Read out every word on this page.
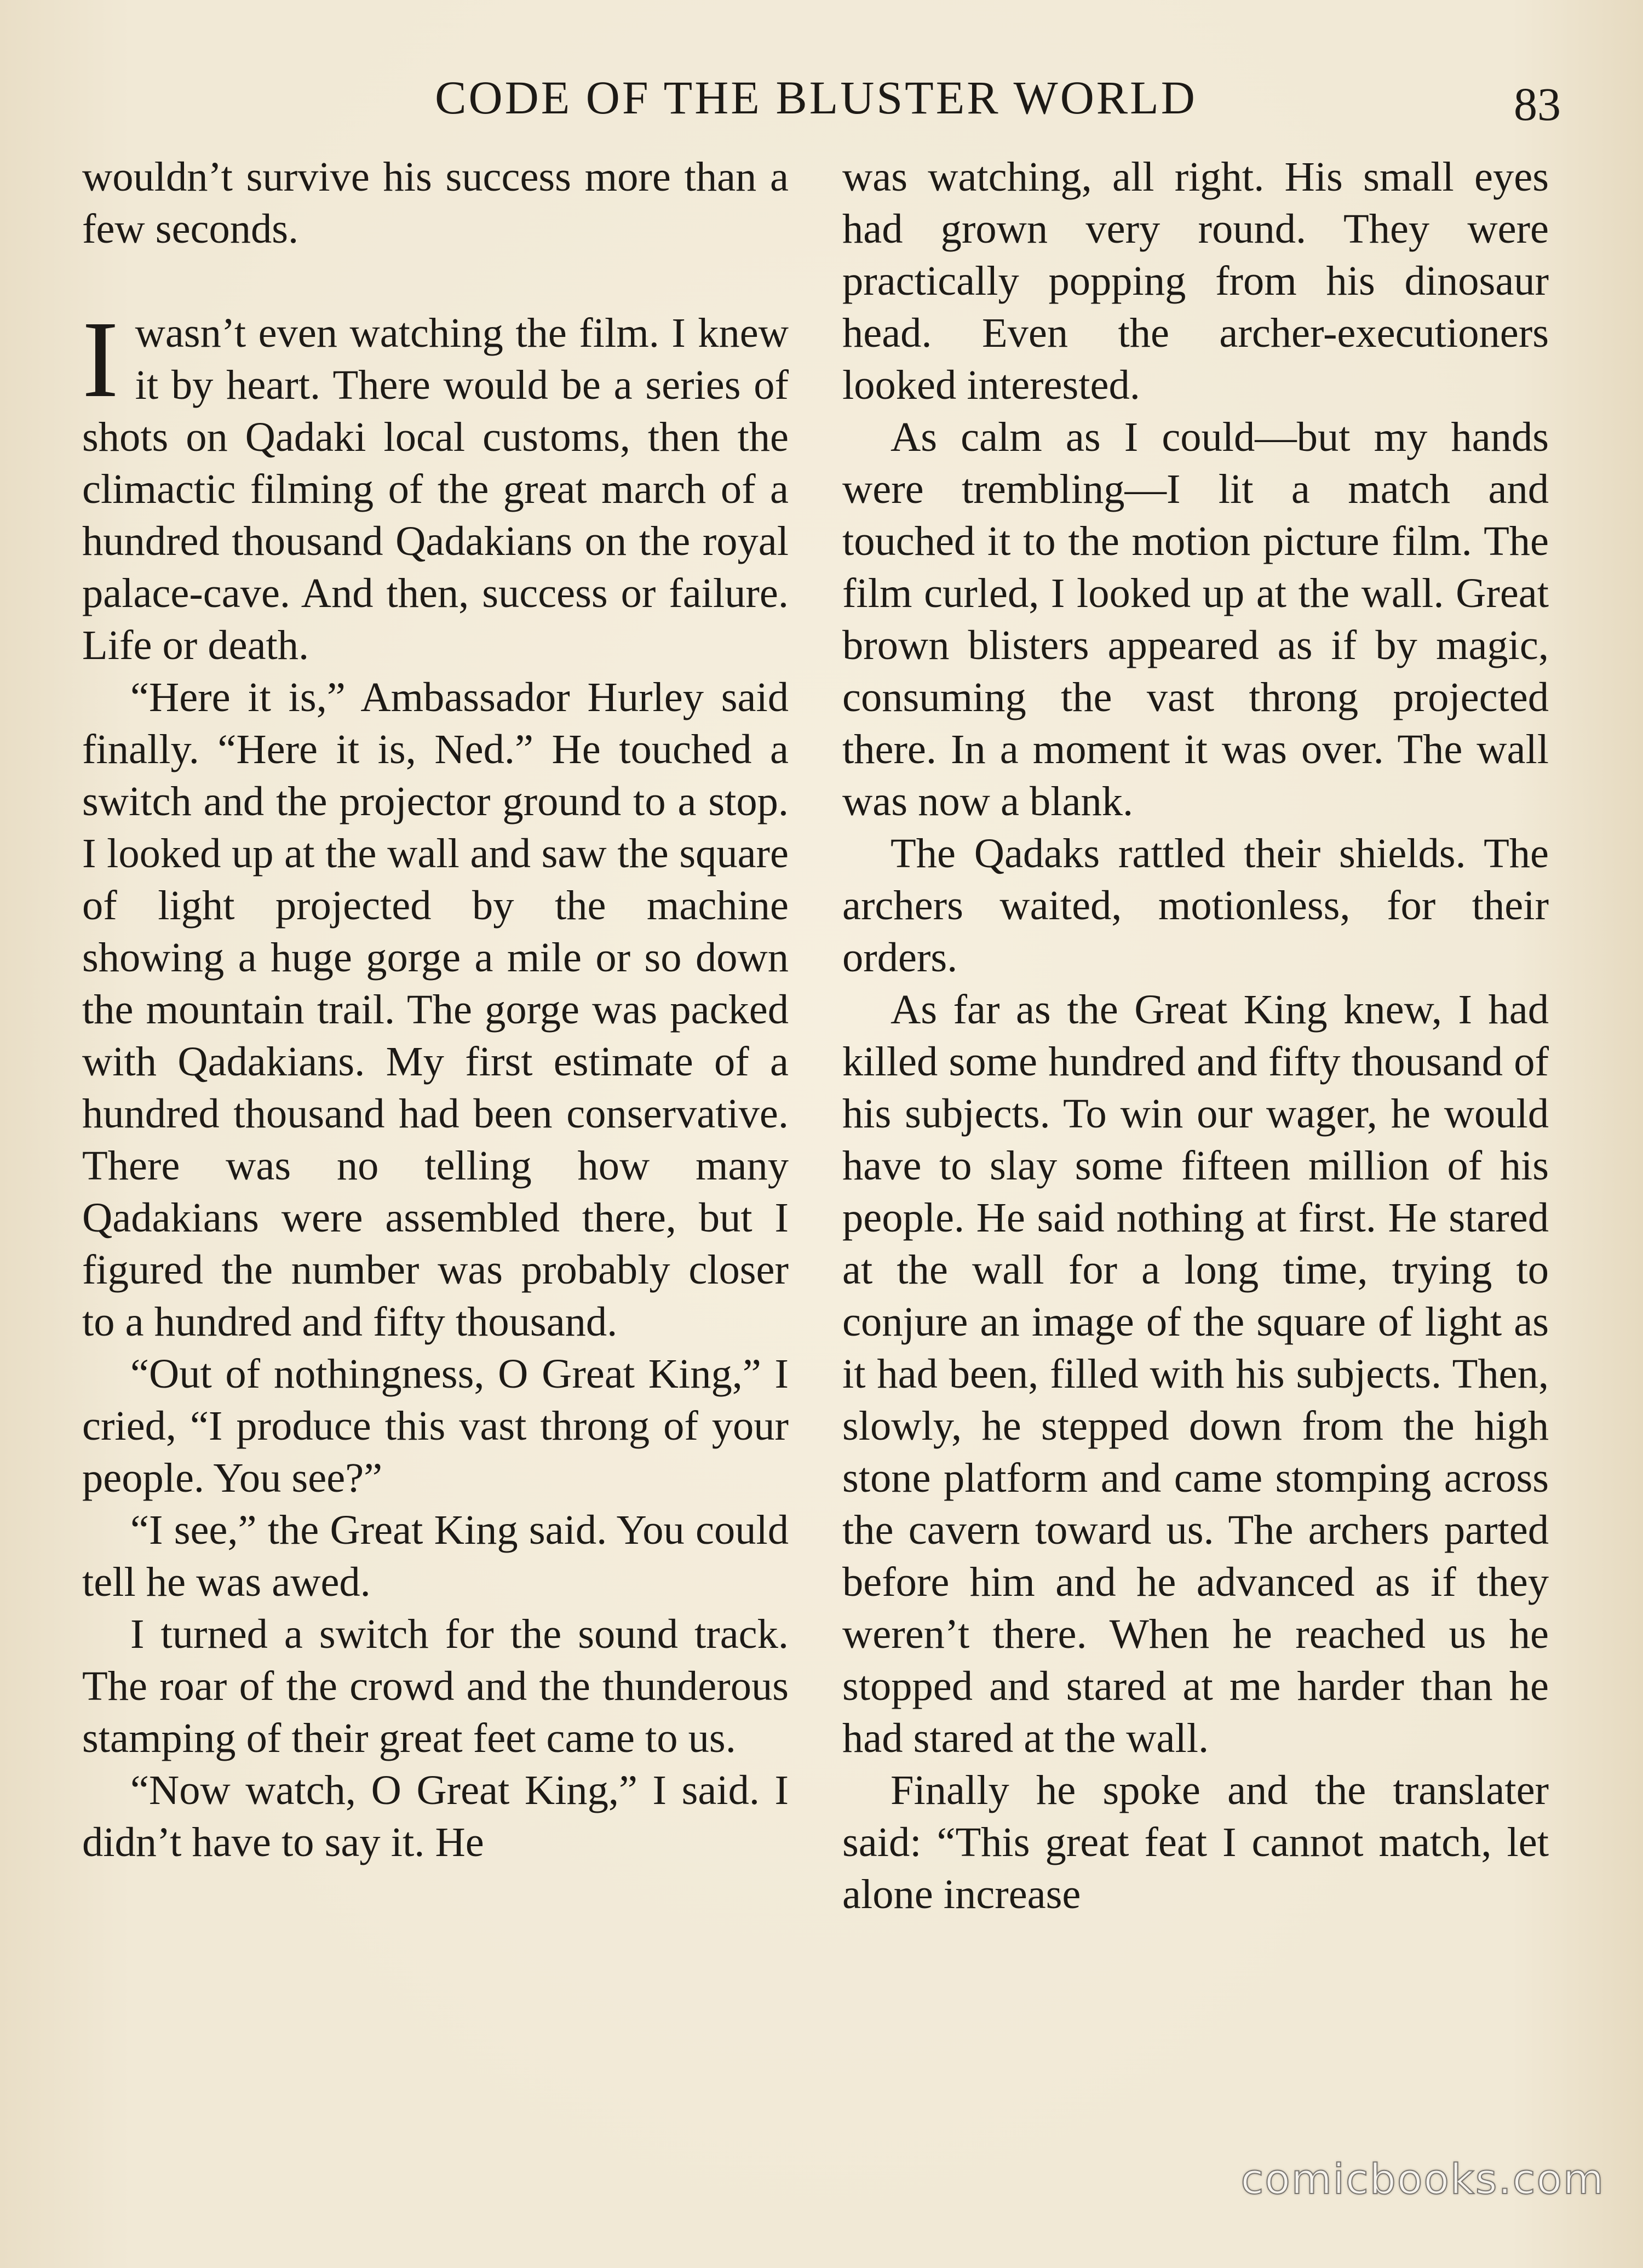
CODE OF THE BLUSTER WORLD	83

wouldn’t survive his success more than a few seconds.

Iwasn’t even watching the film. I knew it by heart. There would be a series of shots on Qadaki local customs, then the climactic filming of the great march of a hundred thousand Qadakians on the royal palace-cave. And then, success or failure. Life or death.

“Here it is,” Ambassador Hurley said finally. “Here it is, Ned.” He touched a switch and the projector ground to a stop. I looked up at the wall and saw the square of light projected by the machine showing a huge gorge a mile or so down the mountain trail. The gorge was packed with Qadakians. My first estimate of a hundred thousand had been conservative. There was no telling how many Qadakians were assembled there, but I figured the number was probably closer to a hundred and fifty thousand.

“Out of nothingness, O Great King,” I cried, “I produce this vast throng of your people. You see?”

“I see,” the Great King said. You could tell he was awed.

I turned a switch for the sound track. The roar of the crowd and the thunderous stamping of their great feet came to us.

“Now watch, O Great King,” I said. I didn’t have to say it. He

was watching, all right. His small eyes had grown very round. They were practically popping from his dinosaur head. Even the archer-executioners looked interested.

As calm as I could—but my hands were trembling—I lit a match and touched it to the motion picture film. The film curled, I looked up at the wall. Great brown blisters appeared as if by magic, consuming the vast throng projected there. In a moment it was over. The wall was now a blank.

The Qadaks rattled their shields. The archers waited, motionless, for their orders.

As far as the Great King knew, I had killed some hundred and fifty thousand of his subjects. To win our wager, he would have to slay some fifteen million of his people. He said nothing at first. He stared at the wall for a long time, trying to conjure an image of the square of light as it had been, filled with his subjects. Then, slowly, he stepped down from the high stone platform and came stomping across the cavern toward us. The archers parted before him and he advanced as if they weren’t there. When he reached us he stopped and stared at me harder than he had stared at the wall.

Finally he spoke and the translater said: “This great feat I cannot match, let alone increase

comicbooks.com
